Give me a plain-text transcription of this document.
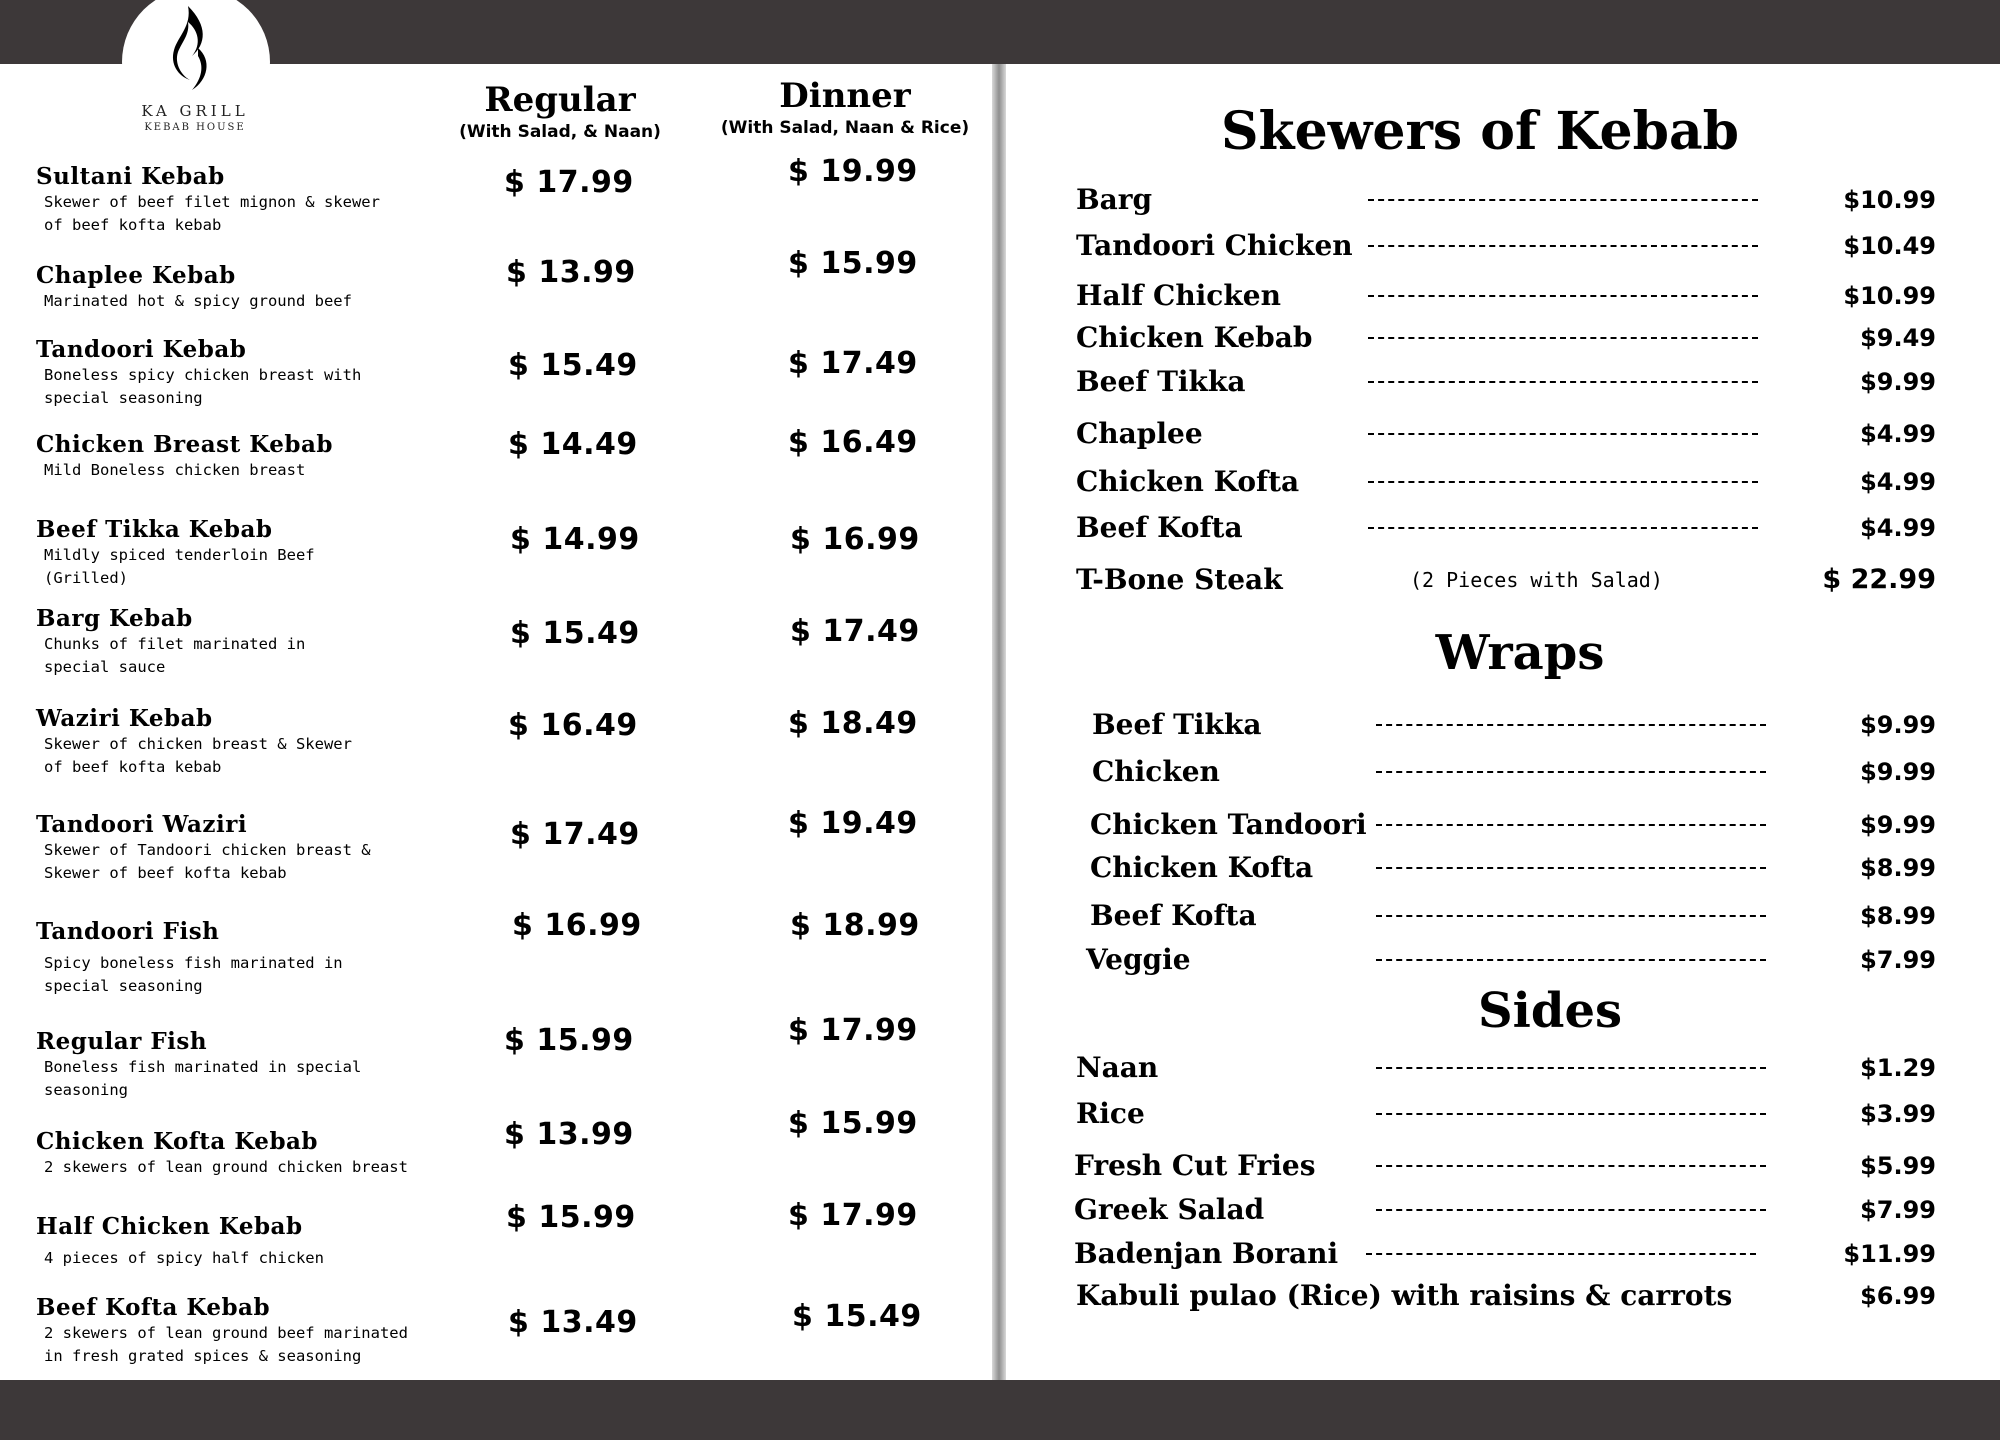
KA GRILL
KEBAB HOUSE
Regular
(With Salad, & Naan)
Dinner
(With Salad, Naan & Rice)
Sultani Kebab
Skewer of beef filet mignon & skewer
of beef kofta kebab
$ 17.99	$ 19.99
Chaplee Kebab
Marinated hot & spicy ground beef
$ 13.99	$ 15.99
Tandoori Kebab
Boneless spicy chicken breast with
special seasoning
$ 15.49	$ 17.49
Chicken Breast Kebab
Mild Boneless chicken breast
$ 14.49	$ 16.49
Beef Tikka Kebab
Mildly spiced tenderloin Beef
(Grilled)
$ 14.99	$ 16.99
Barg Kebab
Chunks of filet marinated in
special sauce
$ 15.49	$ 17.49
Waziri Kebab
Skewer of chicken breast & Skewer
of beef kofta kebab
$ 16.49	$ 18.49
Tandoori Waziri
Skewer of Tandoori chicken breast &
Skewer of beef kofta kebab
$ 17.49	$ 19.49
Tandoori Fish
Spicy boneless fish marinated in
special seasoning
$ 16.99	$ 18.99
Regular Fish
Boneless fish marinated in special
seasoning
$ 15.99	$ 17.99
Chicken Kofta Kebab
2 skewers of lean ground chicken breast
$ 13.99	$ 15.99
Half Chicken Kebab
4 pieces of spicy half chicken
$ 15.99	$ 17.99
Beef Kofta Kebab
2 skewers of lean ground beef marinated
in fresh grated spices & seasoning
$ 13.49	$ 15.49
Skewers of Kebab
Barg	$10.99
Tandoori Chicken	$10.49
Half Chicken	$10.99
Chicken Kebab	$9.49
Beef Tikka	$9.99
Chaplee	$4.99
Chicken Kofta	$4.99
Beef Kofta	$4.99
T-Bone Steak	(2 Pieces with Salad)	$ 22.99
Wraps
Beef Tikka	$9.99
Chicken	$9.99
Chicken Tandoori	$9.99
Chicken Kofta	$8.99
Beef Kofta	$8.99
Veggie	$7.99
Sides
Naan	$1.29
Rice	$3.99
Fresh Cut Fries	$5.99
Greek Salad	$7.99
Badenjan Borani	$11.99
Kabuli pulao (Rice) with raisins & carrots	$6.99
